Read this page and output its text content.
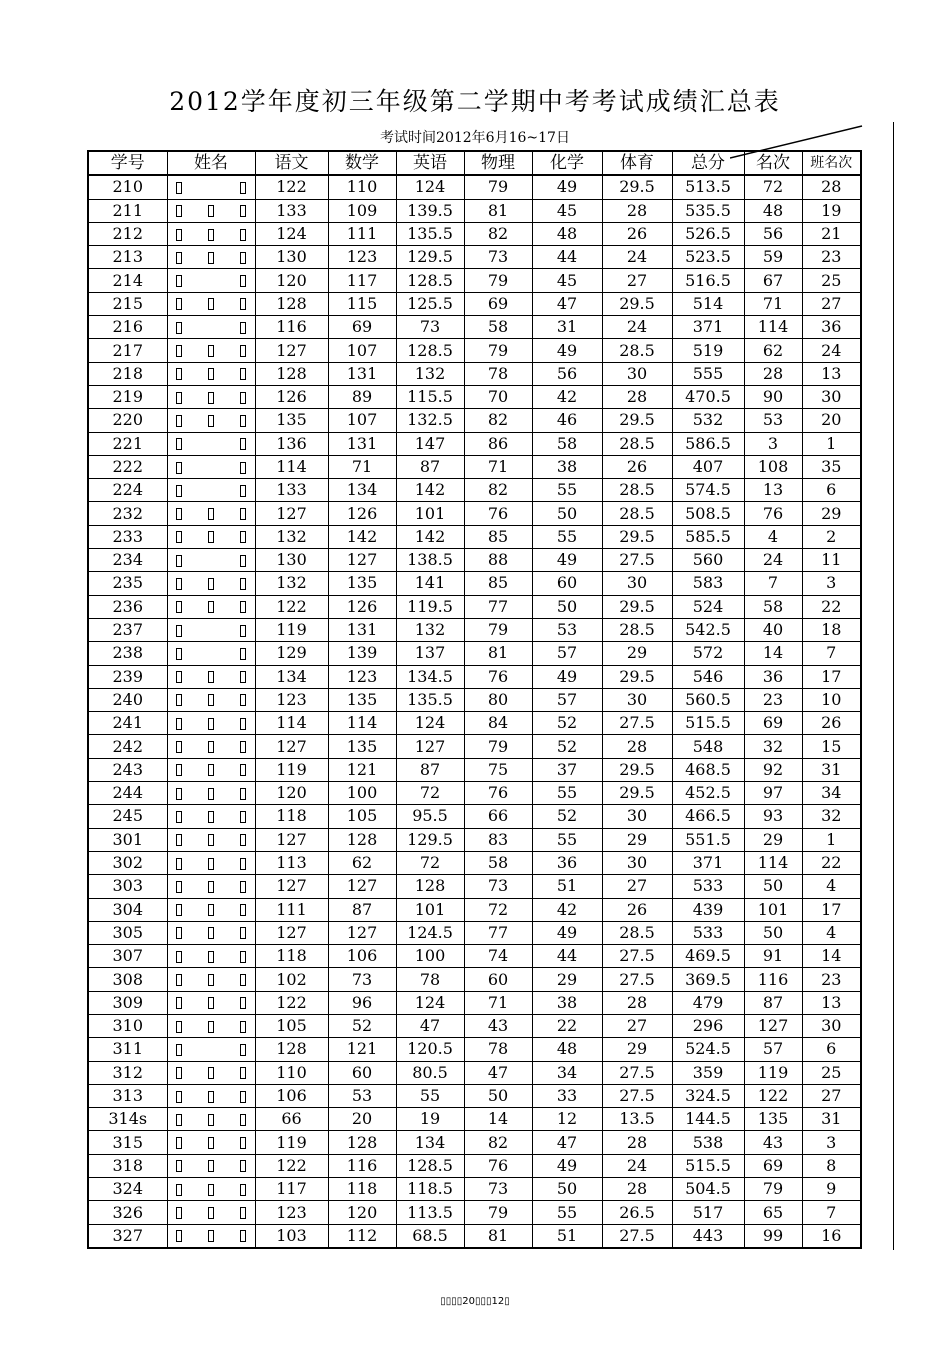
2012学年度初三年级第二学期中考考试成绩汇总表
考试时间2012年6月16~17日
学号	姓名	语文	数学	英语	物理	化学	体育	总分	名次	班名次
210		122	110	124	79	49	29.5	513.5	72	28
211		133	109	139.5	81	45	28	535.5	48	19
212		124	111	135.5	82	48	26	526.5	56	21
213		130	123	129.5	73	44	24	523.5	59	23
214		120	117	128.5	79	45	27	516.5	67	25
215		128	115	125.5	69	47	29.5	514	71	27
216		116	69	73	58	31	24	371	114	36
217		127	107	128.5	79	49	28.5	519	62	24
218		128	131	132	78	56	30	555	28	13
219		126	89	115.5	70	42	28	470.5	90	30
220		135	107	132.5	82	46	29.5	532	53	20
221		136	131	147	86	58	28.5	586.5	3	1
222		114	71	87	71	38	26	407	108	35
224		133	134	142	82	55	28.5	574.5	13	6
232		127	126	101	76	50	28.5	508.5	76	29
233		132	142	142	85	55	29.5	585.5	4	2
234		130	127	138.5	88	49	27.5	560	24	11
235		132	135	141	85	60	30	583	7	3
236		122	126	119.5	77	50	29.5	524	58	22
237		119	131	132	79	53	28.5	542.5	40	18
238		129	139	137	81	57	29	572	14	7
239		134	123	134.5	76	49	29.5	546	36	17
240		123	135	135.5	80	57	30	560.5	23	10
241		114	114	124	84	52	27.5	515.5	69	26
242		127	135	127	79	52	28	548	32	15
243		119	121	87	75	37	29.5	468.5	92	31
244		120	100	72	76	55	29.5	452.5	97	34
245		118	105	95.5	66	52	30	466.5	93	32
301		127	128	129.5	83	55	29	551.5	29	1
302		113	62	72	58	36	30	371	114	22
303		127	127	128	73	51	27	533	50	4
304		111	87	101	72	42	26	439	101	17
305		127	127	124.5	77	49	28.5	533	50	4
307		118	106	100	74	44	27.5	469.5	91	14
308		102	73	78	60	29	27.5	369.5	116	23
309		122	96	124	71	38	28	479	87	13
310		105	52	47	43	22	27	296	127	30
311		128	121	120.5	78	48	29	524.5	57	6
312		110	60	80.5	47	34	27.5	359	119	25
313		106	53	55	50	33	27.5	324.5	122	27
314s		66	20	19	14	12	13.5	144.5	135	31
315		119	128	134	82	47	28	538	43	3
318		122	116	128.5	76	49	24	515.5	69	8
324		117	118	118.5	73	50	28	504.5	79	9
326		123	120	113.5	79	55	26.5	517	65	7
327		103	112	68.5	81	51	27.5	443	99	16
▯▯▯▯20▯▯▯12▯
